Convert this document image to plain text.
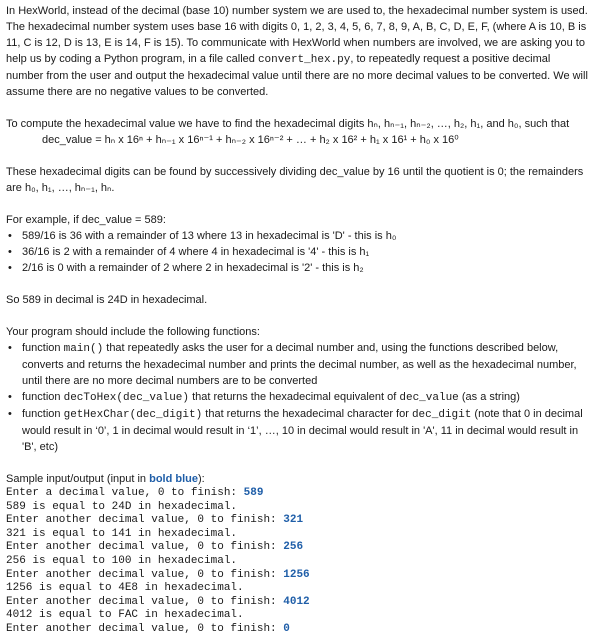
In HexWorld, instead of the decimal (base 10) number system we are used to, the hexadecimal number system is used. The hexadecimal number system uses base 16 with digits 0, 1, 2, 3, 4, 5, 6, 7, 8, 9, A, B, C, D, E, F, (where A is 10, B is 11, C is 12, D is 13, E is 14, F is 15). To communicate with HexWorld when numbers are involved, we are asking you to help us by coding a Python program, in a file called convert_hex.py, to repeatedly request a positive decimal number from the user and output the hexadecimal value until there are no more decimal values to be converted. We will assume there are no negative values to be converted.

To compute the hexadecimal value we have to find the hexadecimal digits hₙ, hₙ₋₁, hₙ₋₂, …, h₂, h₁, and h₀, such that

dec_value = hₙ x 16ⁿ + hₙ₋₁ x 16ⁿ⁻¹ + hₙ₋₂ x 16ⁿ⁻² + … + h₂ x 16² + h₁ x 16¹ + h₀ x 16⁰

These hexadecimal digits can be found by successively dividing dec_value by 16 until the quotient is 0; the remainders are h₀, h₁, …, hₙ₋₁, hₙ.

For example, if dec_value = 589:

• 589/16 is 36 with a remainder of 13 where 13 in hexadecimal is 'D' - this is h₀
• 36/16 is 2 with a remainder of 4 where 4 in hexadecimal is '4' - this is h₁
• 2/16 is 0 with a remainder of 2 where 2 in hexadecimal is '2' - this is h₂

So 589 in decimal is 24D in hexadecimal.

Your program should include the following functions:

• function main() that repeatedly asks the user for a decimal number and, using the functions described below, converts and returns the hexadecimal number and prints the decimal number, as well as the hexadecimal number, until there are no more decimal numbers are to be converted
• function decToHex(dec_value) that returns the hexadecimal equivalent of dec_value (as a string)
• function getHexChar(dec_digit) that returns the hexadecimal character for dec_digit (note that 0 in decimal would result in ‘0’, 1 in decimal would result in ‘1’, …, 10 in decimal would result in 'A', 11 in decimal would result in 'B', etc)

Sample input/output (input in bold blue):

Enter a decimal value, 0 to finish: 589
589 is equal to 24D in hexadecimal.
Enter another decimal value, 0 to finish: 321
321 is equal to 141 in hexadecimal.
Enter another decimal value, 0 to finish: 256
256 is equal to 100 in hexadecimal.
Enter another decimal value, 0 to finish: 1256
1256 is equal to 4E8 in hexadecimal.
Enter another decimal value, 0 to finish: 4012
4012 is equal to FAC in hexadecimal.
Enter another decimal value, 0 to finish: 0
